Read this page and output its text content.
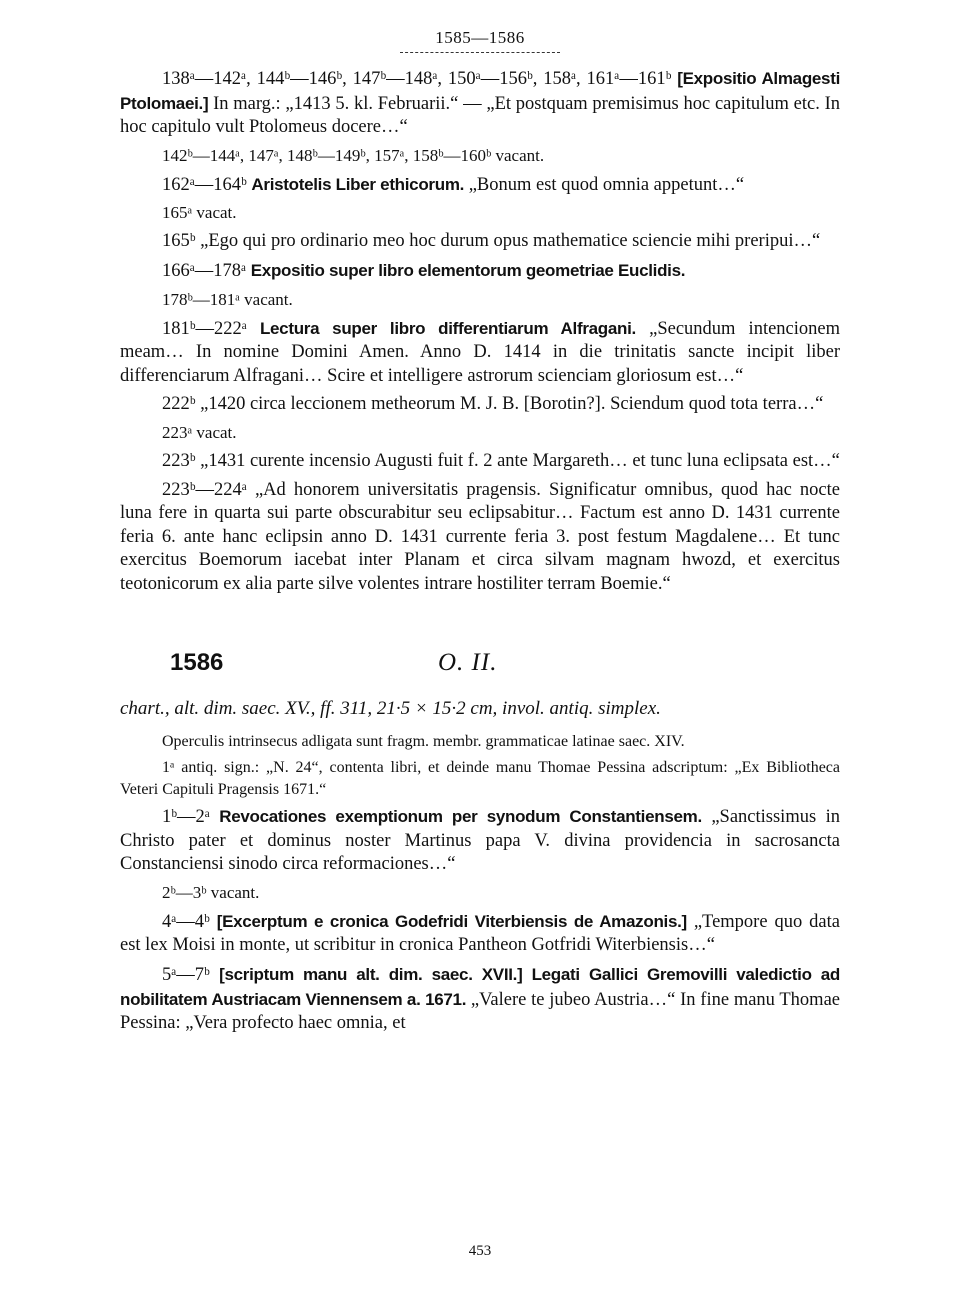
1585—1586

138ᵃ—142ᵃ, 144ᵇ—146ᵇ, 147ᵇ—148ᵃ, 150ᵃ—156ᵇ, 158ᵃ, 161ᵃ—161ᵇ [Expositio Almagesti Ptolomaei.] In marg.: „1413 5. kl. Februarii.“ — „Et postquam premisimus hoc capitulum etc. In hoc capitulo vult Ptolomeus docere…“

142ᵇ—144ᵃ, 147ᵃ, 148ᵇ—149ᵇ, 157ᵃ, 158ᵇ—160ᵇ vacant.

162ᵃ—164ᵇ Aristotelis Liber ethicorum. „Bonum est quod omnia appetunt…“

165ᵃ vacat.

165ᵇ „Ego qui pro ordinario meo hoc durum opus mathematice sciencie mihi preripui…“

166ᵃ—178ᵃ Expositio super libro elementorum geometriae Euclidis.

178ᵇ—181ᵃ vacant.

181ᵇ—222ᵃ Lectura super libro differentiarum Alfragani. „Secundum intencionem meam… In nomine Domini Amen. Anno D. 1414 in die trinitatis sancte incipit liber differenciarum Alfragani… Scire et intelligere astrorum scienciam gloriosum est…“

222ᵇ „1420 circa leccionem metheorum M. J. B. [Borotin?]. Sciendum quod tota terra…“

223ᵃ vacat.

223ᵇ „1431 curente incensio Augusti fuit f. 2 ante Margareth… et tunc luna eclipsata est…“

223ᵇ—224ᵃ „Ad honorem universitatis pragensis. Significatur omnibus, quod hac nocte luna fere in quarta sui parte obscurabitur seu eclipsabitur… Factum est anno D. 1431 currente feria 6. ante hanc eclipsin anno D. 1431 currente feria 3. post festum Magdalene… Et tunc exercitus Boemorum iacebat inter Planam et circa silvam magnam hwozd, et exercitus teotonicorum ex alia parte silve volentes intrare hostiliter terram Boemie.“

1586	O. II.
chart., alt. dim. saec. XV., ff. 311, 21·5 × 15·2 cm, invol. antiq. simplex.

Operculis intrinsecus adligata sunt fragm. membr. grammaticae latinae saec. XIV.

1ᵃ antiq. sign.: „N. 24“, contenta libri, et deinde manu Thomae Pessina adscriptum: „Ex Bibliotheca Veteri Capituli Pragensis 1671.“

1ᵇ—2ᵃ Revocationes exemptionum per synodum Constantiensem. „Sanctissimus in Christo pater et dominus noster Martinus papa V. divina providencia in sacrosancta Constanciensi sinodo circa reformaciones…“

2ᵇ—3ᵇ vacant.

4ᵃ—4ᵇ [Excerptum e cronica Godefridi Viterbiensis de Amazonis.] „Tempore quo data est lex Moisi in monte, ut scribitur in cronica Pantheon Gotfridi Witerbiensis…“

5ᵃ—7ᵇ [scriptum manu alt. dim. saec. XVII.] Legati Gallici Gremovilli valedictio ad nobilitatem Austriacam Viennensem a. 1671. „Valere te jubeo Austria…“ In fine manu Thomae Pessina: „Vera profecto haec omnia, et

453
